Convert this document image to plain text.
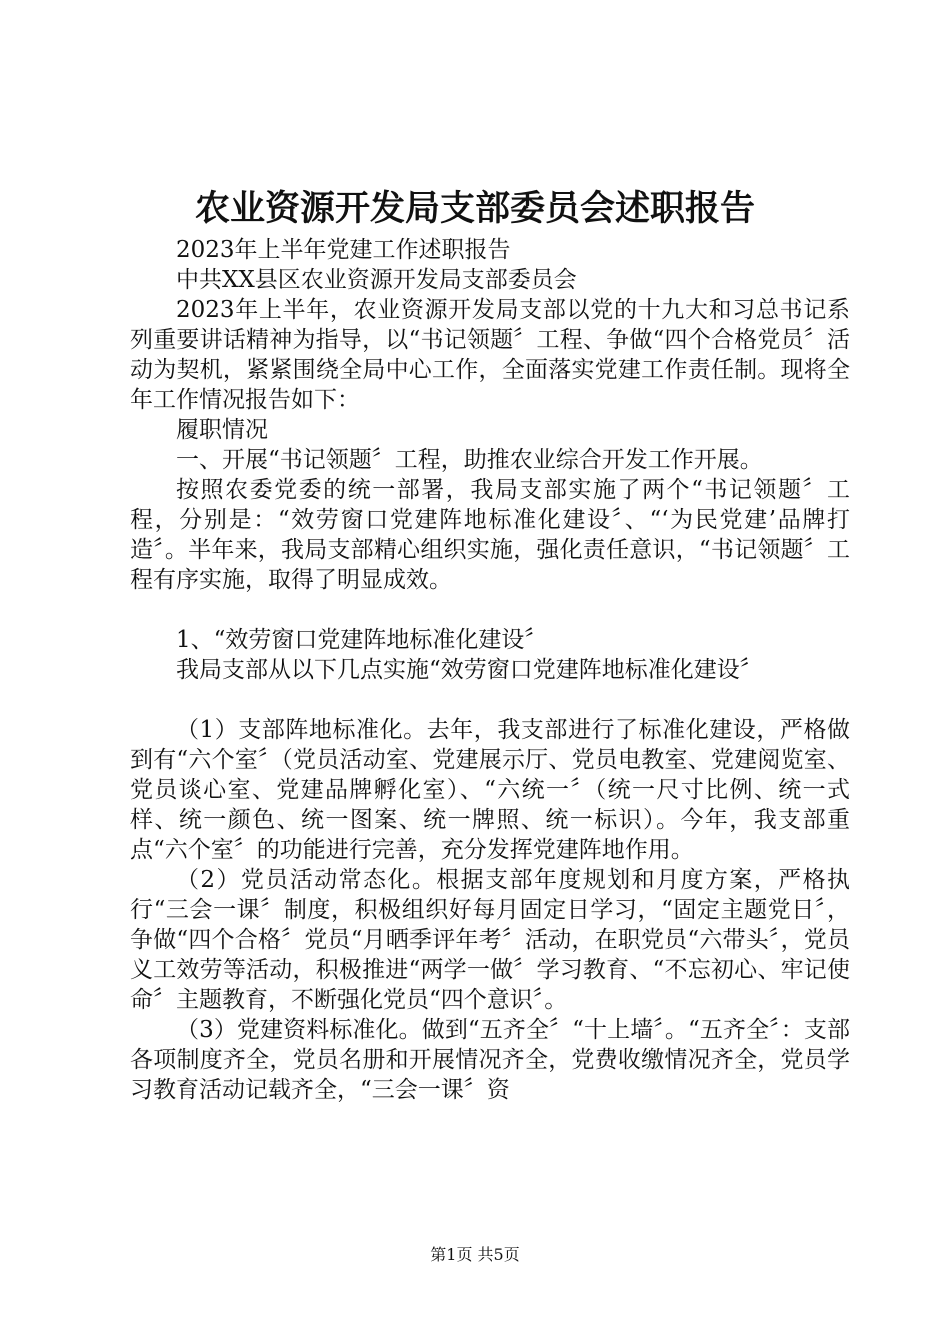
农业资源开发局支部委员会述职报告

2023年上半年党建工作述职报告

中共XX县区农业资源开发局支部委员会

2023年上半年，农业资源开发局支部以党的十九大和习总书记系列重要讲话精神为指导，以“书记领题〞工程、争做“四个合格党员〞活动为契机，紧紧围绕全局中心工作，全面落实党建工作责任制。现将全年工作情况报告如下：

履职情况

一、开展“书记领题〞工程，助推农业综合开发工作开展。

按照农委党委的统一部署，我局支部实施了两个“书记领题〞工程，分别是：“效劳窗口党建阵地标准化建设〞、“‘为民党建’品牌打造〞。半年来，我局支部精心组织实施，强化责任意识，“书记领题〞工程有序实施，取得了明显成效。

1、“效劳窗口党建阵地标准化建设〞

我局支部从以下几点实施“效劳窗口党建阵地标准化建设〞

（1）支部阵地标准化。去年，我支部进行了标准化建设，严格做到有“六个室〞（党员活动室、党建展示厅、党员电教室、党建阅览室、党员谈心室、党建品牌孵化室）、“六统一〞（统一尺寸比例、统一式样、统一颜色、统一图案、统一牌照、统一标识）。今年，我支部重点“六个室〞的功能进行完善，充分发挥党建阵地作用。

（2）党员活动常态化。根据支部年度规划和月度方案，严格执行“三会一课〞制度，积极组织好每月固定日学习，“固定主题党日〞，争做“四个合格〞党员“月晒季评年考〞活动，在职党员“六带头〞，党员义工效劳等活动，积极推进“两学一做〞学习教育、“不忘初心、牢记使命〞主题教育，不断强化党员“四个意识〞。

（3）党建资料标准化。做到“五齐全〞“十上墙〞。“五齐全〞：支部各项制度齐全，党员名册和开展情况齐全，党费收缴情况齐全，党员学习教育活动记载齐全，“三会一课〞资

第1页 共5页
